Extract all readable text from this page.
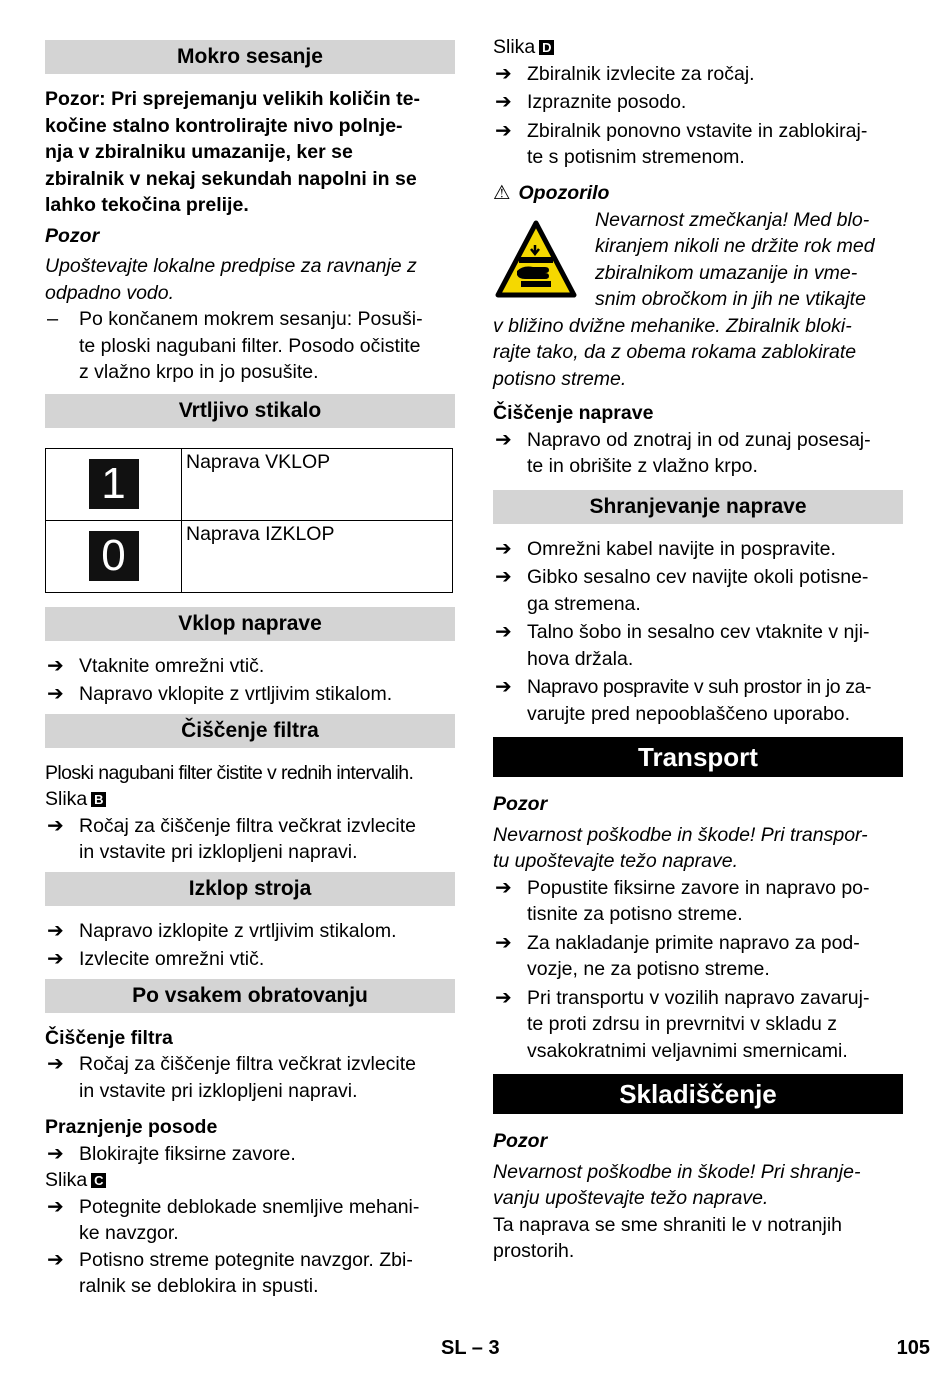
Mokro sesanje

Pozor: Pri sprejemanju velikih količin te-

kočine stalno kontrolirajte nivo polnje-

nja v zbiralniku umazanije, ker se

zbiralnik v nekaj sekundah napolni in se

lahko tekočina prelije.

Pozor

Upoštevajte lokalne predpise za ravnanje z

odpadno vodo.

– Po končanem mokrem sesanju: Posuši-

te ploski nagubani filter. Posodo očistite

z vlažno krpo in jo posušite.

Vrtljivo stikalo
1	Naprava VKLOP
0	Naprava IZKLOP
Vklop naprave
➔ Vtaknite omrežni vtič.

➔ Napravo vklopite z vrtljivim stikalom.

Čiščenje filtra

Ploski nagubani filter čistite v rednih intervalih.

Slika B

➔ Ročaj za čiščenje filtra večkrat izvlecite

in vstavite pri izklopljeni napravi.

Izklop stroja
➔ Napravo izklopite z vrtljivim stikalom.

➔ Izvlecite omrežni vtič.

Po vsakem obratovanju

Čiščenje filtra

➔ Ročaj za čiščenje filtra večkrat izvlecite

in vstavite pri izklopljeni napravi.

Praznjenje posode

➔ Blokirajte fiksirne zavore.

Slika C

➔ Potegnite deblokade snemljive mehani-

ke navzgor.

➔ Potisno streme potegnite navzgor. Zbi-

ralnik se deblokira in spusti.

Slika D

➔ Zbiralnik izvlecite za ročaj.

➔ Izpraznite posodo.

➔ Zbiralnik ponovno vstavite in zablokiraj-

te s potisnim stremenom.

⚠ Opozorilo

Nevarnost zmečkanja! Med blo-

kiranjem nikoli ne držite rok med

zbiralnikom umazanije in vme-

snim obročkom in jih ne vtikajte

v bližino dvižne mehanike. Zbiralnik bloki-

rajte tako, da z obema rokama zablokirate

potisno streme.

Čiščenje naprave

➔ Napravo od znotraj in od zunaj posesaj-

te in obrišite z vlažno krpo.

Shranjevanje naprave
➔ Omrežni kabel navijte in pospravite.

➔ Gibko sesalno cev navijte okoli potisne-

ga stremena.

➔ Talno šobo in sesalno cev vtaknite v nji-

hova držala.

➔ Napravo pospravite v suh prostor in jo za-

varujte pred nepooblaščeno uporabo.

Transport

Pozor

Nevarnost poškodbe in škode! Pri transpor-

tu upoštevajte težo naprave.

➔ Popustite fiksirne zavore in napravo po-

tisnite za potisno streme.

➔ Za nakladanje primite napravo za pod-

vozje, ne za potisno streme.

➔ Pri transportu v vozilih napravo zavaruj-

te proti zdrsu in prevrnitvi v skladu z

vsakokratnimi veljavnimi smernicami.

Skladiščenje

Pozor

Nevarnost poškodbe in škode! Pri shranje-

vanju upoštevajte težo naprave.

Ta naprava se sme shraniti le v notranjih

prostorih.

SL – 3	105
